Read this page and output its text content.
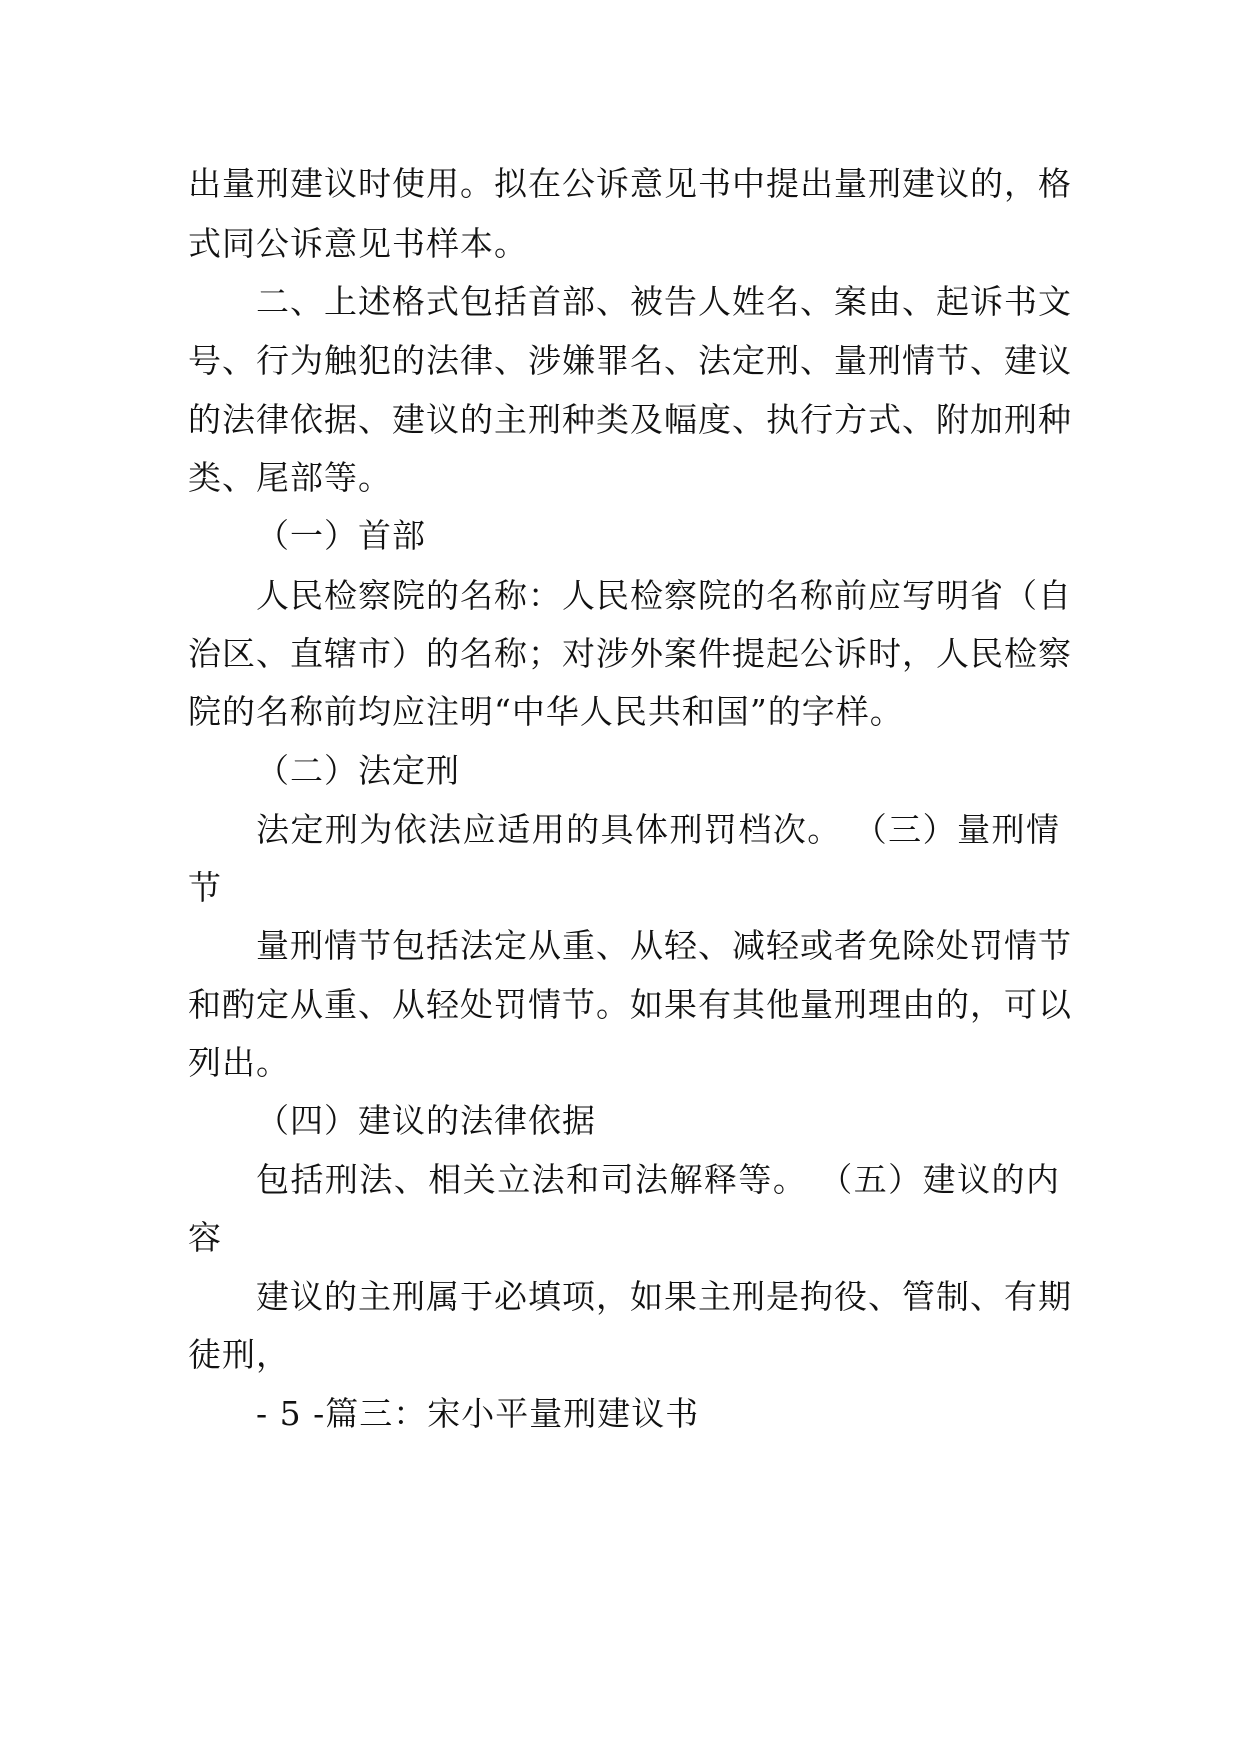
出量刑建议时使用。拟在公诉意见书中提出量刑建议的，格
式同公诉意见书样本。
二、上述格式包括首部、被告人姓名、案由、起诉书文
号、行为触犯的法律、涉嫌罪名、法定刑、量刑情节、建议
的法律依据、建议的主刑种类及幅度、执行方式、附加刑种
类、尾部等。
（一）首部
人民检察院的名称：人民检察院的名称前应写明省（自
治区、直辖市）的名称；对涉外案件提起公诉时，人民检察
院的名称前均应注明“中华人民共和国”的字样。
（二）法定刑
法定刑为依法应适用的具体刑罚档次。 （三）量刑情
节
量刑情节包括法定从重、从轻、减轻或者免除处罚情节
和酌定从重、从轻处罚情节。如果有其他量刑理由的，可以
列出。
（四）建议的法律依据
包括刑法、相关立法和司法解释等。 （五）建议的内
容
建议的主刑属于必填项，如果主刑是拘役、管制、有期
徒刑，
- 5 -篇三：宋小平量刑建议书
